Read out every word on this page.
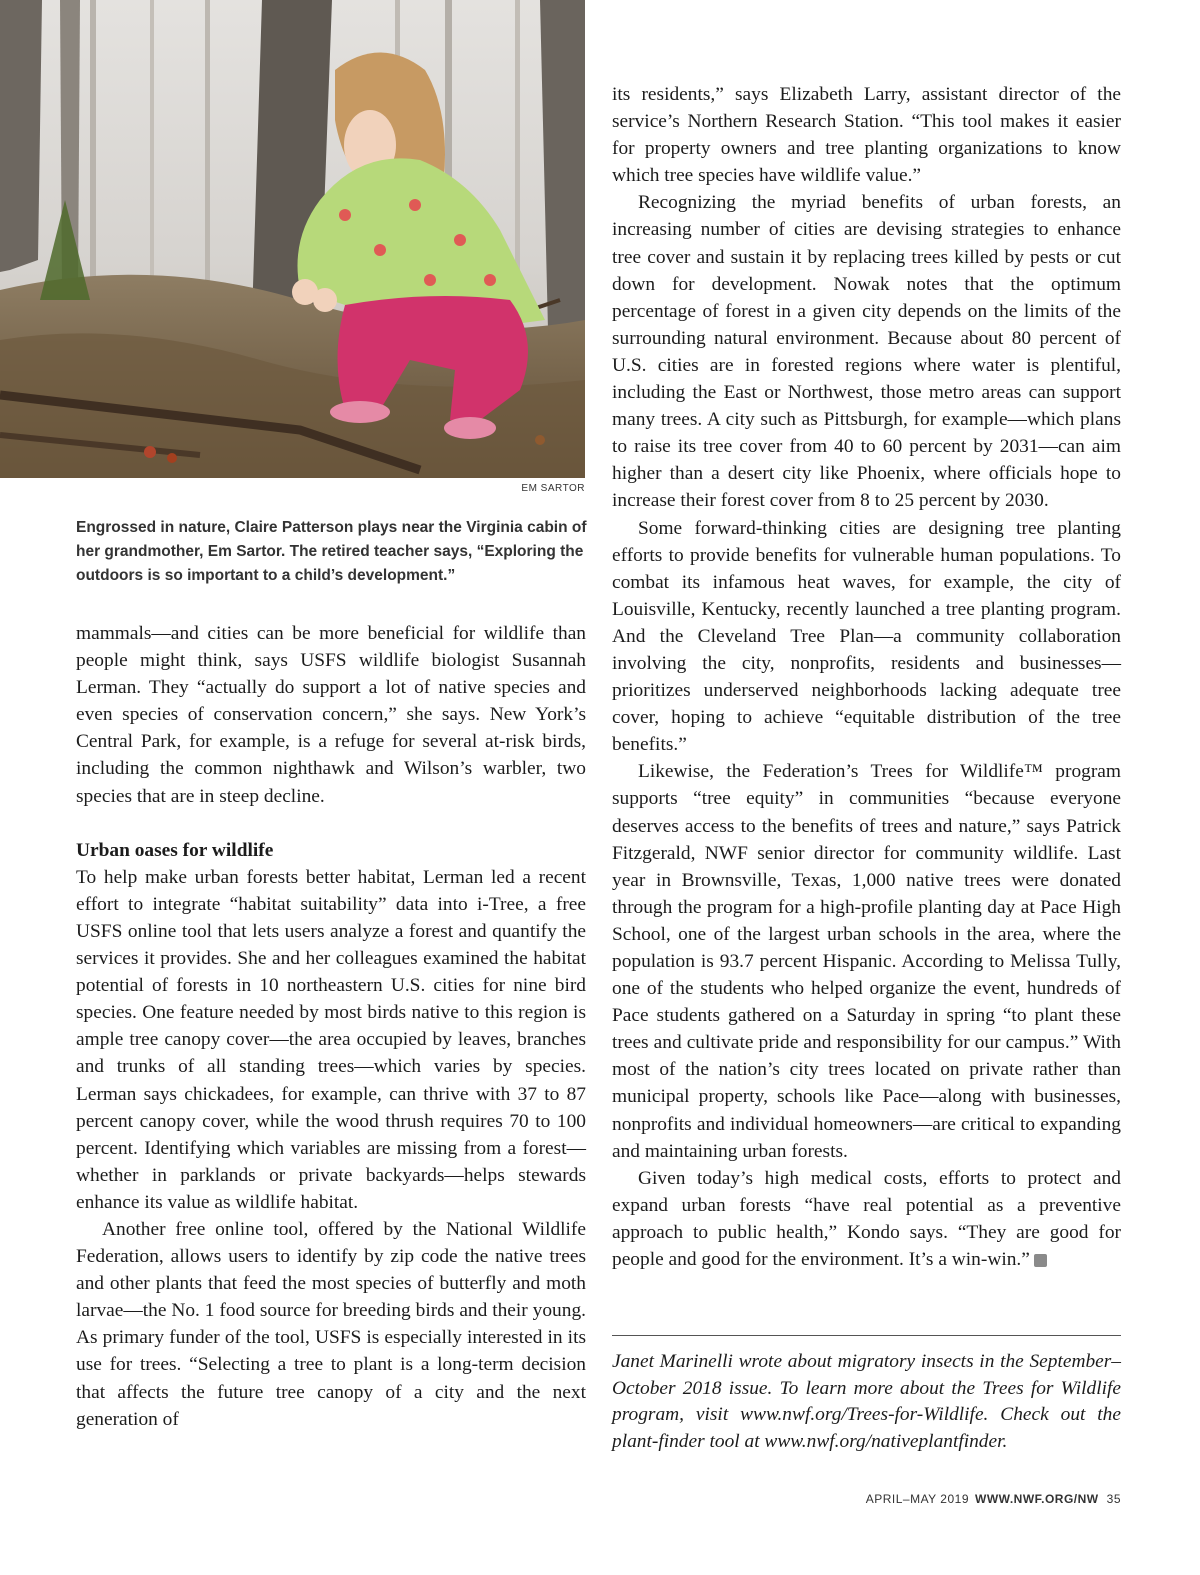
EM SARTOR
Engrossed in nature, Claire Patterson plays near the Virginia cabin of her grandmother, Em Sartor. The retired teacher says, “Exploring the outdoors is so important to a child’s development.”

mammals—and cities can be more beneficial for wildlife than people might think, says USFS wildlife biologist Susannah Lerman. They “actually do support a lot of native species and even species of conservation concern,” she says. New York’s Central Park, for example, is a refuge for several at-risk birds, including the common nighthawk and Wilson’s warbler, two species that are in steep decline.

Urban oases for wildlife

To help make urban forests better habitat, Lerman led a recent effort to integrate “habitat suitability” data into i-Tree, a free USFS online tool that lets users analyze a forest and quantify the services it provides. She and her colleagues examined the habitat potential of forests in 10 northeastern U.S. cities for nine bird species. One feature needed by most birds native to this region is ample tree canopy cover—the area occupied by leaves, branches and trunks of all standing trees—which varies by species. Lerman says chickadees, for example, can thrive with 37 to 87 percent canopy cover, while the wood thrush requires 70 to 100 percent. Identifying which variables are missing from a forest—whether in parklands or private backyards—helps stewards enhance its value as wildlife habitat.

Another free online tool, offered by the National Wildlife Federation, allows users to identify by zip code the native trees and other plants that feed the most species of butterfly and moth larvae—the No. 1 food source for breeding birds and their young. As primary funder of the tool, USFS is especially interested in its use for trees. “Selecting a tree to plant is a long-term decision that affects the future tree canopy of a city and the next generation of

its residents,” says Elizabeth Larry, assistant director of the service’s Northern Research Station. “This tool makes it easier for property owners and tree planting organizations to know which tree species have wildlife value.”

Recognizing the myriad benefits of urban forests, an increasing number of cities are devising strategies to enhance tree cover and sustain it by replacing trees killed by pests or cut down for development. Nowak notes that the optimum percentage of forest in a given city depends on the limits of the surrounding natural environment. Because about 80 percent of U.S. cities are in forested regions where water is plentiful, including the East or Northwest, those metro areas can support many trees. A city such as Pittsburgh, for example—which plans to raise its tree cover from 40 to 60 percent by 2031—can aim higher than a desert city like Phoenix, where officials hope to increase their forest cover from 8 to 25 percent by 2030.

Some forward-thinking cities are designing tree planting efforts to provide benefits for vulnerable human populations. To combat its infamous heat waves, for example, the city of Louisville, Kentucky, recently launched a tree planting program. And the Cleveland Tree Plan—a community collaboration involving the city, nonprofits, residents and businesses—prioritizes underserved neighborhoods lacking adequate tree cover, hoping to achieve “equitable distribution of the tree benefits.”

Likewise, the Federation’s Trees for Wildlife™ program supports “tree equity” in communities “because everyone deserves access to the benefits of trees and nature,” says Patrick Fitzgerald, NWF senior director for community wildlife. Last year in Brownsville, Texas, 1,000 native trees were donated through the program for a high-profile planting day at Pace High School, one of the largest urban schools in the area, where the population is 93.7 percent Hispanic. According to Melissa Tully, one of the students who helped organize the event, hundreds of Pace students gathered on a Saturday in spring “to plant these trees and cultivate pride and responsibility for our campus.” With most of the nation’s city trees located on private rather than municipal property, schools like Pace—along with businesses, nonprofits and individual homeowners—are critical to expanding and maintaining urban forests.

Given today’s high medical costs, efforts to protect and expand urban forests “have real potential as a preventive approach to public health,” Kondo says. “They are good for people and good for the environment. It’s a win-win.”	W

Janet Marinelli wrote about migratory insects in the September–October 2018 issue. To learn more about the Trees for Wildlife program, visit www.nwf.org/Trees-for-Wildlife. Check out the plant-finder tool at www.nwf.org/nativeplantfinder.
APRIL–MAY 2019 WWW.NWF.ORG/NW 35
